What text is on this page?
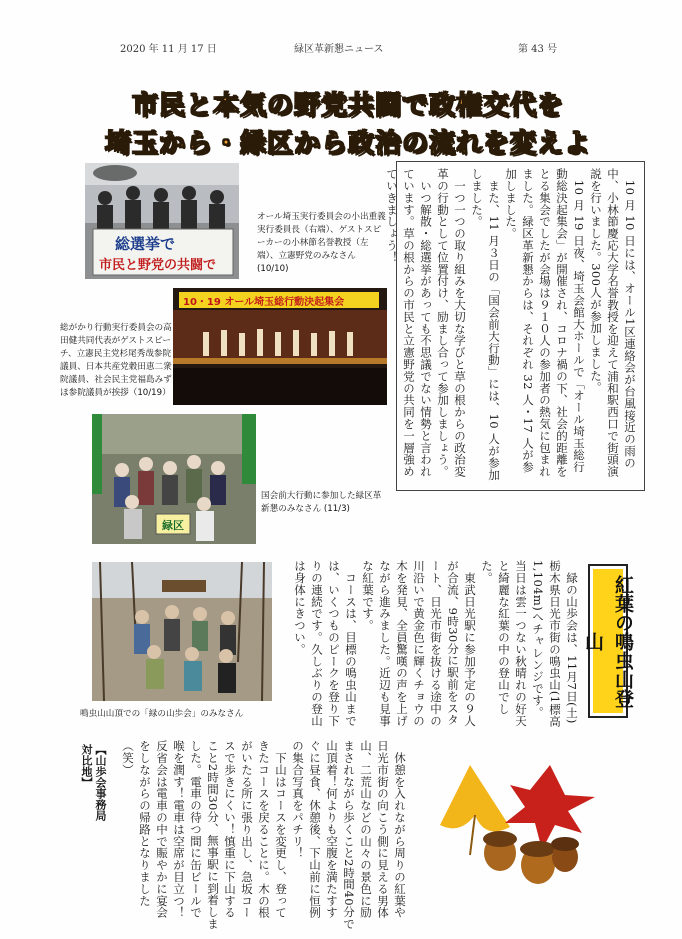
2020 年 11 月 17 日	緑区革新懇ニュース	第 43 号
市民と本気の野党共闘で政権交代を
埼玉から・緑区から政治の流れを変えよ
　10 月 10 日には、オール1区連絡会が台風接近の雨の中、小林節慶応大学名誉教授を迎えて浦和駅西口で街頭演説を行いました。300人が参加しました。
　10 月 19 日夜、埼玉会館大ホールで「オール埼玉総行動総決起集会」が開催され、コロナ禍の下、社会的距離をとる集会でしたが会場は９１０人の参加者の熱気に包まれました。緑区革新懇からは、それぞれ 32 人・17 人が参加しました。
　また、11 月３日の「国会前大行動」には、10 人が参加しました。
　一つ一つの取り組みを大切な学びと草の根からの政治変革の行動として位置付け、励まし合って参加しましょう。
　いつ解散・総選挙があっても不思議でない情勢と言われています。草の根からの市民と立憲野党の共同を一層強めていきましょう！
総選挙で
市民と野党の共闘で
オール埼玉実行委員会の小出重義実行委員長（右端）、ゲストスピーカーの小林節名誉教授（左端）、立憲野党のみなさん(10/10)
10・19 オール埼玉総行動決起集会
総がかり行動実行委員会の高田健共同代表がゲストスピーチ、立憲民主党杉尾秀哉参院議員、日本共産党穀田恵二衆院議員、社会民主党福島みずほ参院議員が挨拶（10/19）
緑区
国会前大行動に参加した緑区革新懇のみなさん (11/3)
　緑の山歩会は、11月7日(土)栃木県日光市街の鳴虫山(1標高1,104m)へチャレンジです。当日は雲一つない秋晴れの好天と綺麗な紅葉の中の登山でした。
　東武日光駅に参加予定の９人が合流、9時30分に駅前をスタート、日光市街を抜ける途中の川沿いで黄金色に輝くチョウの木を発見、全員驚嘆の声を上げながら進みました。近辺も見事な紅葉です。
　コースは、目標の鳴虫山までは、いくつものピークを登り下りの連続です。久しぶりの登山は身体にきつい。	紅葉の鳴虫山登山
鳴虫山山頂での「緑の山歩会」のみなさん
　休憩を入れながら周りの紅葉や日光市街の向こう側に見える男体山、二荒山などの山々の景色に励まされながら歩くこと2時間40分で山頂着！何よりも空腹を満たすすぐに昼食、休憩後、下山前に恒例の集合写真をパチリ！
　下山はコースを変更し、登ってきたコースを戻ることに。木の根がいたる所に張り出し、急坂コースで歩きにくい！慎重に下山すること2時間30分、無事駅に到着しました。電車の待つ間に缶ビールで喉を潤す！電車は空席が目立つ！反省会は電車の中で賑やかに宴会をしながらの帰路となりました（笑）
【山歩会事務局対比地】
